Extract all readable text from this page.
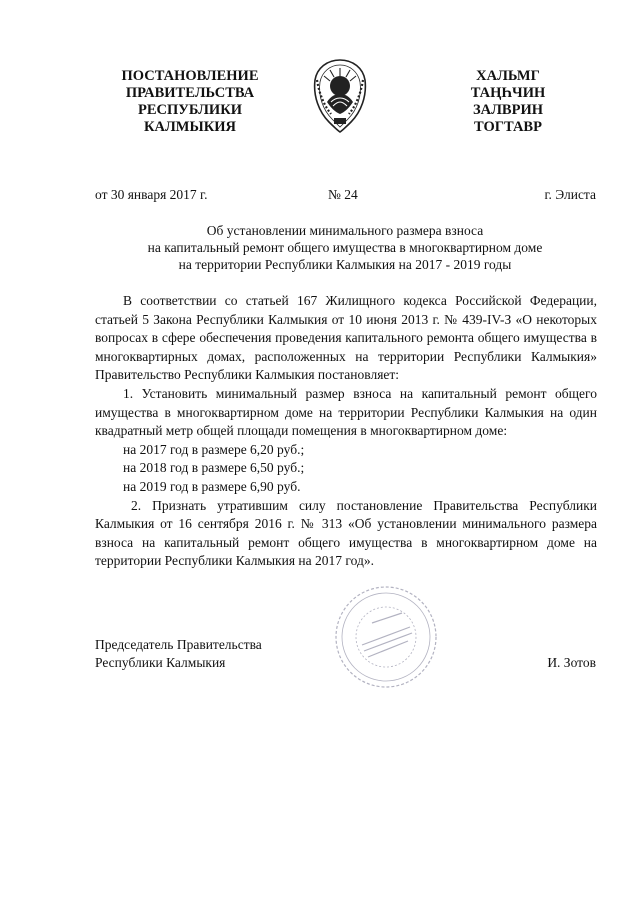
ПОСТАНОВЛЕНИЕ
ПРАВИТЕЛЬСТВА
РЕСПУБЛИКИ
КАЛМЫКИЯ
ХАЛЬМГ
ТАҢҺЧИН
ЗАЛВРИН
ТОГТАВР
от 30 января 2017 г.	№ 24	г. Элиста
Об установлении минимального размера взноса
на капитальный ремонт общего имущества в многоквартирном доме
на территории Республики Калмыкия на 2017 - 2019 годы

В соответствии со статьей 167 Жилищного кодекса Российской Федерации, статьей 5 Закона Республики Калмыкия от 10 июня 2013 г. № 439-IV-З «О некоторых вопросах в сфере обеспечения проведения капитального ремонта общего имущества в многоквартирных домах, расположенных на территории Республики Калмыкия» Правительство Республики Калмыкия постановляет:

1. Установить минимальный размер взноса на капитальный ремонт общего имущества в многоквартирном доме на территории Республики Калмыкия на один квадратный метр общей площади помещения в многоквартирном доме:

на 2017 год в размере 6,20 руб.;
на 2018 год в размере 6,50 руб.;
на 2019 год в размере 6,90 руб.

2. Признать утратившим силу постановление Правительства Республики Калмыкия от 16 сентября 2016 г. № 313 «Об установлении минимального размера взноса на капитальный ремонт общего имущества в многоквартирном доме на территории Республики Калмыкия на 2017 год».

Председатель Правительства
Республики Калмыкия	И. Зотов
